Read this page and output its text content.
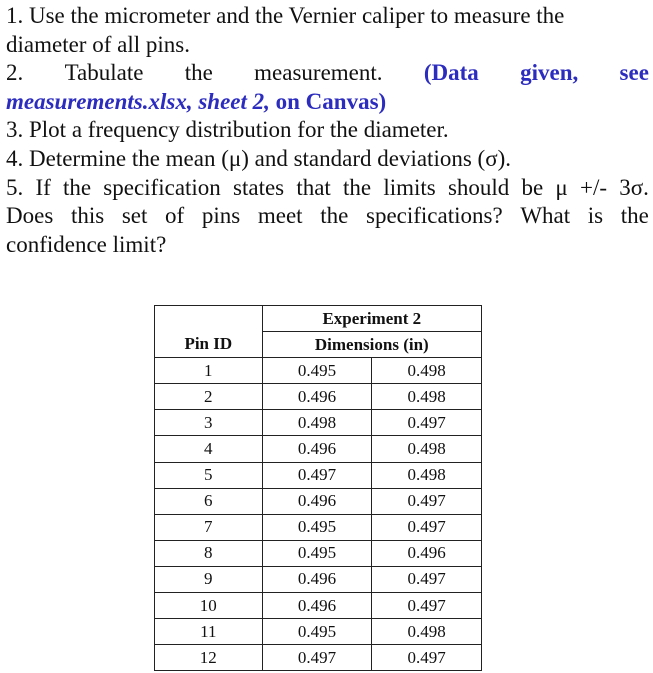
1. Use the micrometer and the Vernier caliper to measure the
diameter of all pins.
2. Tabulate the measurement. (Data given, see
measurements.xlsx, sheet 2, on Canvas)
3. Plot a frequency distribution for the diameter.
4. Determine the mean (μ) and standard deviations (σ).
5. If the specification states that the limits should be μ +/- 3σ.
Does this set of pins meet the specifications? What is the
confidence limit?
	Experiment 2	
Pin ID	Dimensions (in)	
1	0.495	0.498
2	0.496	0.498
3	0.498	0.497
4	0.496	0.498
5	0.497	0.498
6	0.496	0.497
7	0.495	0.497
8	0.495	0.496
9	0.496	0.497
10	0.496	0.497
11	0.495	0.498
12	0.497	0.497
